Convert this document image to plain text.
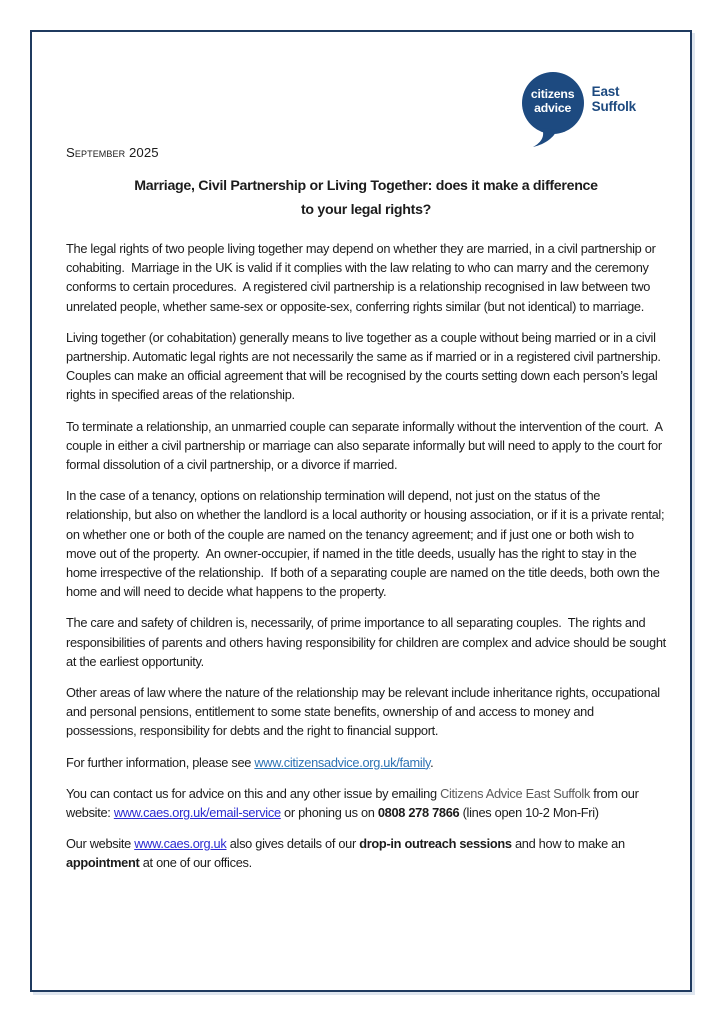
citizens
advice
East
Suffolk
September 2025
Marriage, Civil Partnership or Living Together: does it make a difference
to your legal rights?

The legal rights of two people living together may depend on whether they are married, in a civil partnership or cohabiting.  Marriage in the UK is valid if it complies with the law relating to who can marry and the ceremony conforms to certain procedures.  A registered civil partnership is a relationship recognised in law between two unrelated people, whether same-sex or opposite-sex, conferring rights similar (but not identical) to marriage.

Living together (or cohabitation) generally means to live together as a couple without being married or in a civil partnership. Automatic legal rights are not necessarily the same as if married or in a registered civil partnership.  Couples can make an official agreement that will be recognised by the courts setting down each person’s legal rights in specified areas of the relationship.

To terminate a relationship, an unmarried couple can separate informally without the intervention of the court.  A couple in either a civil partnership or marriage can also separate informally but will need to apply to the court for formal dissolution of a civil partnership, or a divorce if married.

In the case of a tenancy, options on relationship termination will depend, not just on the status of the relationship, but also on whether the landlord is a local authority or housing association, or if it is a private rental; on whether one or both of the couple are named on the tenancy agreement; and if just one or both wish to move out of the property.  An owner-occupier, if named in the title deeds, usually has the right to stay in the home irrespective of the relationship.  If both of a separating couple are named on the title deeds, both own the home and will need to decide what happens to the property.

The care and safety of children is, necessarily, of prime importance to all separating couples.  The rights and responsibilities of parents and others having responsibility for children are complex and advice should be sought at the earliest opportunity.

Other areas of law where the nature of the relationship may be relevant include inheritance rights, occupational and personal pensions, entitlement to some state benefits, ownership of and access to money and possessions, responsibility for debts and the right to financial support.

For further information, please see www.citizensadvice.org.uk/family.

You can contact us for advice on this and any other issue by emailing Citizens Advice East Suffolk from our website: www.caes.org.uk/email-service or phoning us on 0808 278 7866 (lines open 10-2 Mon-Fri)

Our website www.caes.org.uk also gives details of our drop-in outreach sessions and how to make an appointment at one of our offices.
